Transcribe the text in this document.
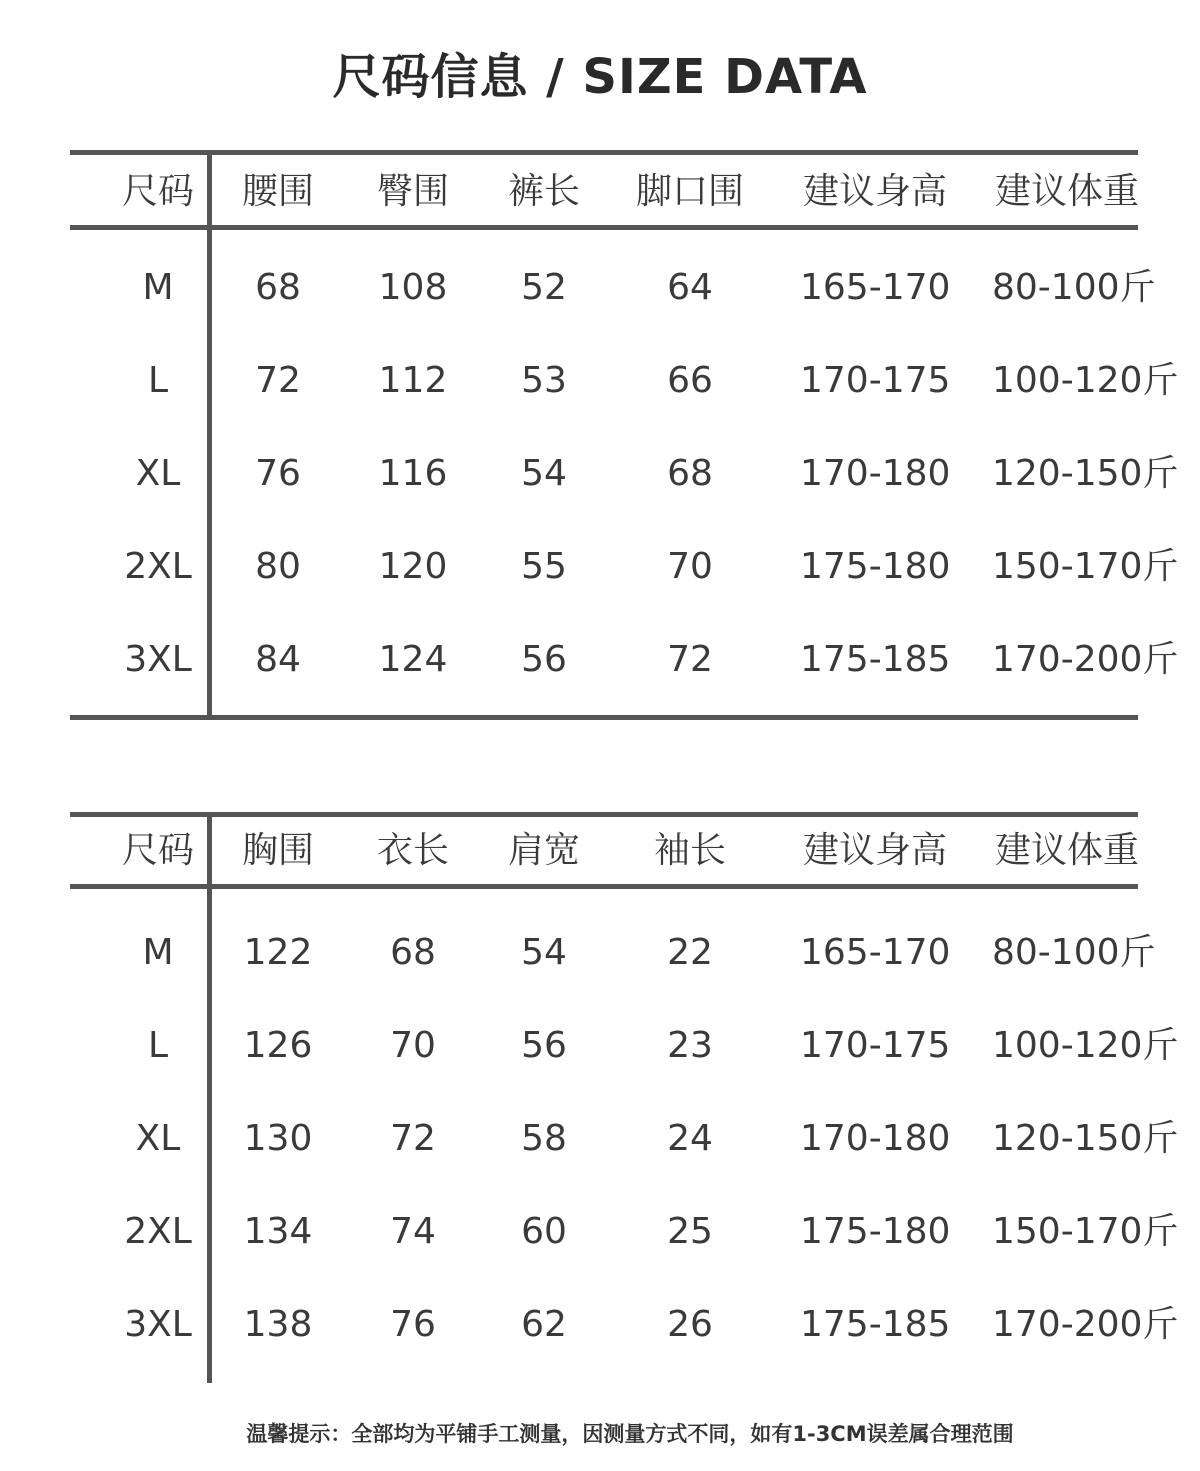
尺码信息 / SIZE DATA
尺码	腰围	臀围	裤长	脚口围	建议身高 建议体重
M	68	108	52	64	165-170 80-100斤
L	72	112	53	66	170-175 100-120斤
XL	76	116	54	68	170-180 120-150斤
2XL	80	120	55	70	175-180 150-170斤
3XL	84	124	56	72	175-185 170-200斤
尺码	胸围	衣长	肩宽	袖长	建议身高 建议体重
M	122	68	54	22	165-170 80-100斤
L	126	70	56	23	170-175 100-120斤
XL	130	72	58	24	170-180 120-150斤
2XL	134	74	60	25	175-180 150-170斤
3XL	138	76	62	26	175-185 170-200斤
温馨提示：全部均为平铺手工测量，因测量方式不同，如有1-3CM误差属合理范围
